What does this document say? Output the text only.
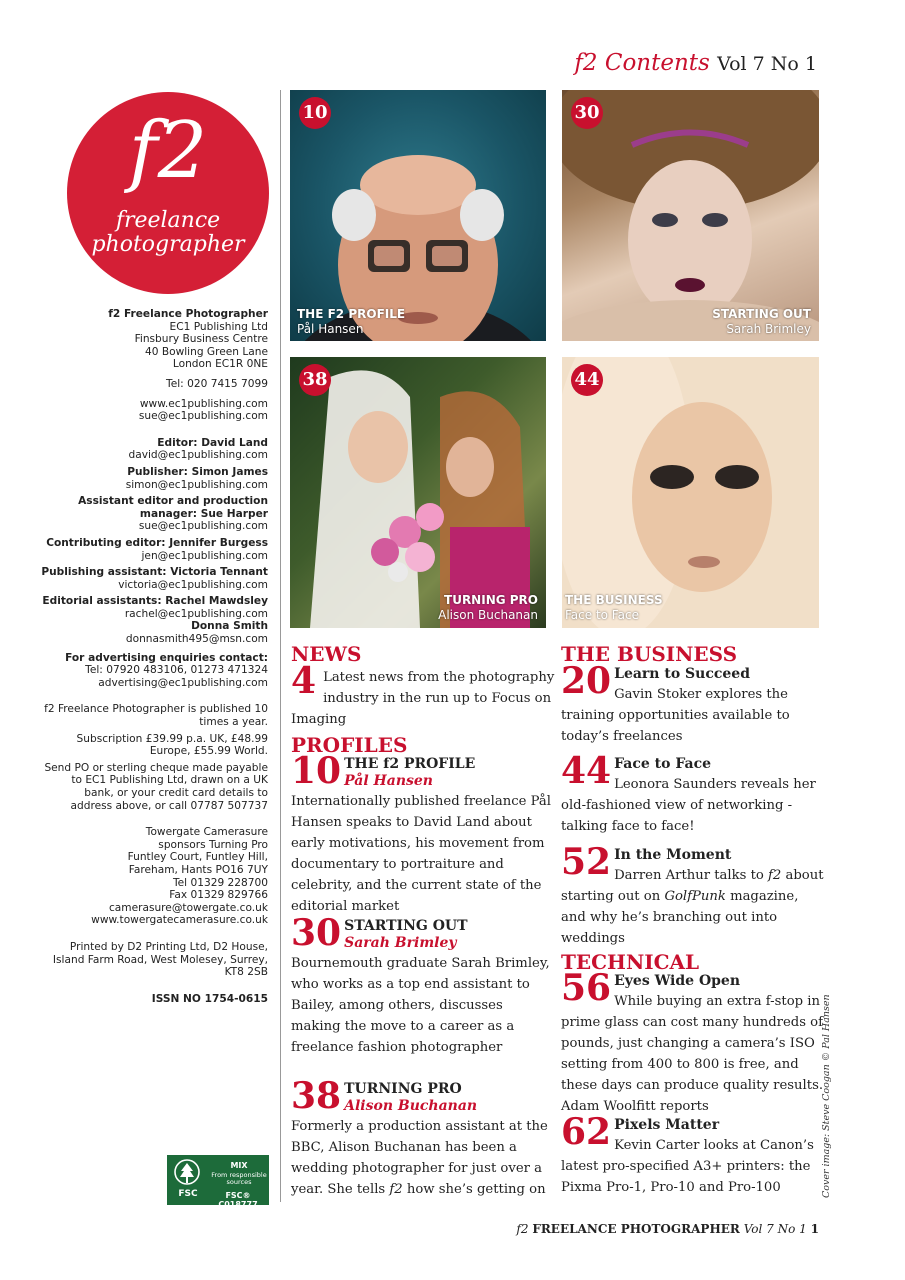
f2 Contents Vol 7 No 1
f2
freelance
photographer

f2 Freelance Photographer
EC1 Publishing Ltd
Finsbury Business Centre
40 Bowling Green Lane
London EC1R 0NE

Tel: 020 7415 7099

www.ec1publishing.com
sue@ec1publishing.com

Editor: David Land
david@ec1publishing.com

Publisher: Simon James
simon@ec1publishing.com

Assistant editor and production manager: Sue Harper
sue@ec1publishing.com

Contributing editor: Jennifer Burgess
jen@ec1publishing.com

Publishing assistant: Victoria Tennant
victoria@ec1publishing.com

Editorial assistants: Rachel Mawdsley
rachel@ec1publishing.com

Donna Smith
donnasmith495@msn.com

For advertising enquiries contact:
Tel: 07920 483106, 01273 471324
advertising@ec1publishing.com

f2 Freelance Photographer is published 10 times a year.

Subscription £39.99 p.a. UK, £48.99 Europe, £55.99 World.

Send PO or sterling cheque made payable to EC1 Publishing Ltd, drawn on a UK bank, or your credit card details to address above, or call 07787 507737

Towergate Camerasure
sponsors Turning Pro
Funtley Court, Funtley Hill,
Fareham, Hants PO16 7UY
Tel 01329 228700
Fax 01329 829766
camerasure@towergate.co.uk
www.towergatecamerasure.co.uk

Printed by D2 Printing Ltd, D2 House, Island Farm Road, West Molesey, Surrey, KT8 2SB

ISSN NO 1754-0615

FSC
MIX
From responsible sources
FSC® C018777
10
THE F2 PROFILE
Pål Hansen
30
STARTING OUT
Sarah Brimley
38
TURNING PRO
Alison Buchanan
44
THE BUSINESS
Face to Face
NEWS
4 Latest news from the photography industry in the run up to Focus on Imaging
PROFILES
10 THE f2 PROFILE
Pål Hansen
Internationally published freelance Pål Hansen speaks to David Land about early motivations, his movement from documentary to portraiture and celebrity, and the current state of the editorial market
30 STARTING OUT
Sarah Brimley
Bournemouth graduate Sarah Brimley, who works as a top end assistant to Bailey, among others, discusses making the move to a career as a freelance fashion photographer
38 TURNING PRO
Alison Buchanan
Formerly a production assistant at the BBC, Alison Buchanan has been a wedding photographer for just over a year. She tells f2 how she’s getting on
THE BUSINESS
20 Learn to Succeed
Gavin Stoker explores the training opportunities available to today’s freelances
44 Face to Face
Leonora Saunders reveals her old-fashioned view of networking - talking face to face!
52 In the Moment
Darren Arthur talks to f2 about starting out on GolfPunk magazine, and why he’s branching out into weddings
TECHNICAL
56 Eyes Wide Open
While buying an extra f-stop in prime glass can cost many hundreds of pounds, just changing a camera’s ISO setting from 400 to 800 is free, and these days can produce quality results. Adam Woolfitt reports
62 Pixels Matter
Kevin Carter looks at Canon’s latest pro-specified A3+ printers: the Pixma Pro-1, Pro-10 and Pro-100	Cover image: Steve Coogan © Pal Hansen
f2 FREELANCE PHOTOGRAPHER Vol 7 No 1 1
